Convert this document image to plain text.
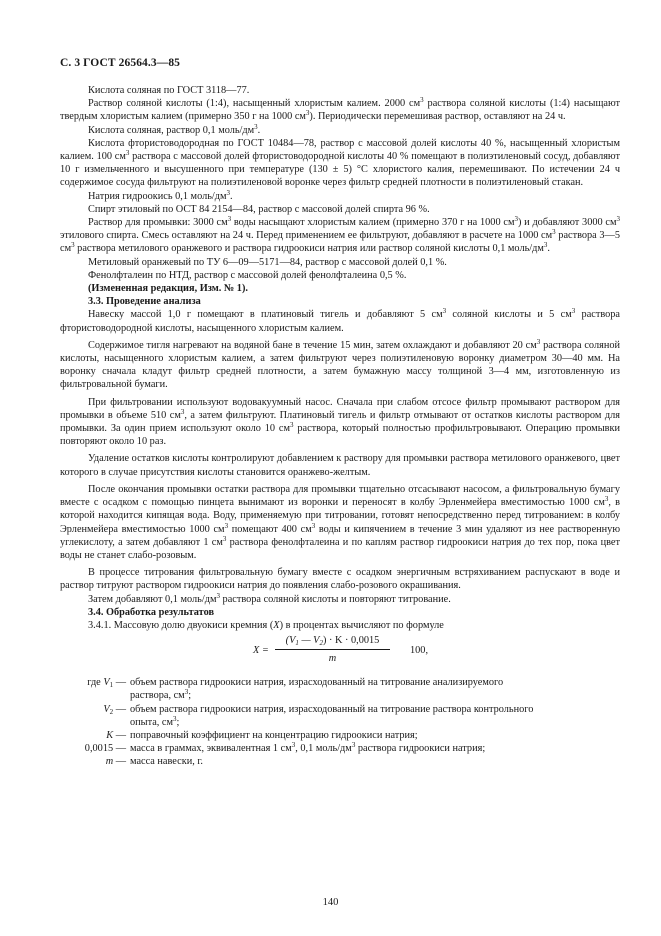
С. 3 ГОСТ 26564.3—85

Кислота соляная по ГОСТ 3118—77.

Раствор соляной кислоты (1:4), насыщенный хлористым калием. 2000 $см^3$ раствора соляной кислоты (1:4) насыщают твердым хлористым калием (примерно 350 г на 1000 $см^3$). Периодически перемешивая раствор, оставляют на 24 ч.

Кислота соляная, раствор 0,1 моль/$дм^3$.

Кислота фтористоводородная по ГОСТ 10484—78, раствор с массовой долей кислоты 40 %, насыщенный хлористым калием. 100 $см^3$ раствора с массовой долей фтористоводородной кислоты 40 % помещают в полиэтиленовый сосуд, добавляют 10 г измельченного и высушенного при температуре (130 ± 5) °С хлористого калия, перемешивают. По истечении 24 ч содержимое сосуда фильтруют на полиэтиленовой воронке через фильтр средней плотности в полиэтиленовый стакан.

Натрия гидроокись 0,1 моль/$дм^3$.

Спирт этиловый по ОСТ 84 2154—84, раствор с массовой долей спирта 96 %.

Раствор для промывки: 3000 $см^3$ воды насыщают хлористым калием (примерно 370 г на 1000 $см^3$) и добавляют 3000 $см^3$ этилового спирта. Смесь оставляют на 24 ч. Перед применением ее фильтруют, добавляют в расчете на 1000 $см^3$ раствора 3—5 $см^3$ раствора метилового оранжевого и раствора гидроокиси натрия или раствор соляной кислоты 0,1 моль/$дм^3$.

Метиловый оранжевый по ТУ 6—09—5171—84, раствор с массовой долей 0,1 %.

Фенолфталеин по НТД, раствор с массовой долей фенолфталеина 0,5 %.

(Измененная редакция, Изм. № 1).

3.3. Проведение анализа

Навеску массой 1,0 г помещают в платиновый тигель и добавляют 5 $см^3$ соляной кислоты и 5 $см^3$ раствора фтористоводородной кислоты, насыщенного хлористым калием.

Содержимое тигля нагревают на водяной бане в течение 15 мин, затем охлаждают и добавляют 20 $см^3$ раствора соляной кислоты, насыщенного хлористым калием, а затем фильтруют через полиэтиленовую воронку диаметром 30—40 мм. На воронку сначала кладут фильтр средней плотности, а затем бумажную массу толщиной 3—4 мм, изготовленную из фильтровальной бумаги.

При фильтровании используют водовакуумный насос. Сначала при слабом отсосе фильтр промывают раствором для промывки в объеме 510 $см^3$, а затем фильтруют. Платиновый тигель и фильтр отмывают от остатков кислоты раствором для промывки. За один прием используют около 10 $см^3$ раствора, который полностью профильтровывают. Операцию промывки повторяют около 10 раз.

Удаление остатков кислоты контролируют добавлением к раствору для промывки раствора метилового оранжевого, цвет которого в случае присутствия кислоты становится оранжево-желтым.

После окончания промывки остатки раствора для промывки тщательно отсасывают насосом, а фильтровальную бумагу вместе с осадком с помощью пинцета вынимают из воронки и переносят в колбу Эрленмейера вместимостью 1000 $см^3$, в которой находится кипящая вода. Воду, применяемую при титровании, готовят непосредственно перед титрованием: в колбу Эрленмейера вместимостью 1000 $см^3$ помещают 400 $см^3$ воды и кипячением в течение 3 мин удаляют из нее растворенную углекислоту, а затем добавляют 1 $см^3$ раствора фенолфталеина и по каплям раствор гидроокиси натрия до тех пор, пока цвет воды не станет слабо-розовым.

В процессе титрования фильтровальную бумагу вместе с осадком энергичным встряхиванием распускают в воде и раствор титруют раствором гидроокиси натрия до появления слабо-розового окрашивания.

Затем добавляют 0,1 моль/$дм^3$ раствора соляной кислоты и повторяют титрование.

3.4. Обработка результатов

3.4.1. Массовую долю двуокиси кремния (X) в процентах вычисляют по формуле

$X = \frac{(V_1 — V_2) \cdot K \cdot 0,0015}{m} 100$,
где $V_1$ — объем раствора гидроокиси натрия, израсходованный на титрование анализируемого
раствора, $см^3$;
$V_2$ — объем раствора гидроокиси натрия, израсходованный на титрование раствора контрольного
опыта, $см^3$;
K — поправочный коэффициент на концентрацию гидроокиси натрия;
0,0015 — масса в граммах, эквивалентная 1 $см^3$, 0,1 моль/$дм^3$ раствора гидроокиси натрия;
m — масса навески, г.
140
